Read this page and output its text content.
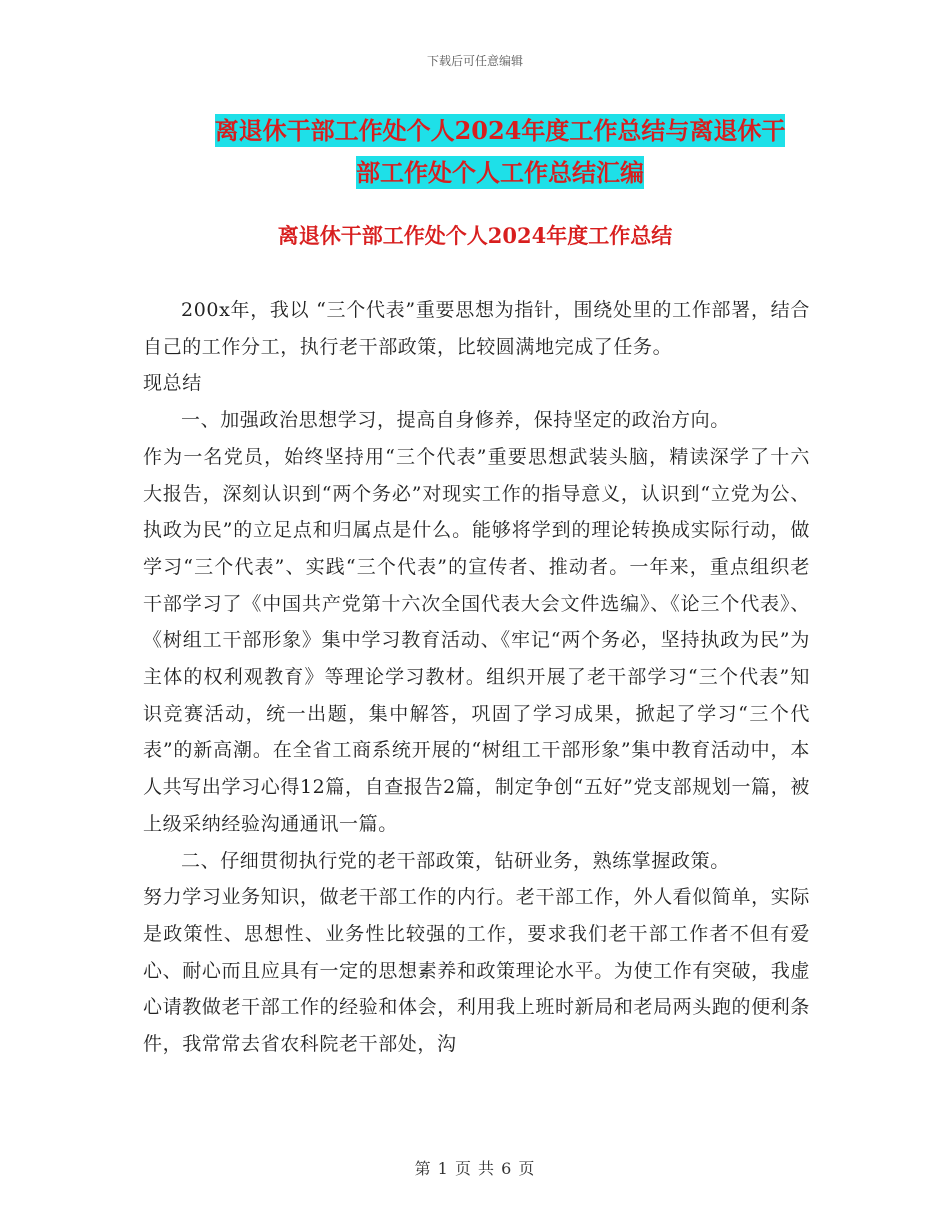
下载后可任意编辑
离退休干部工作处个人2024年度工作总结与离退休干
部工作处个人工作总结汇编
离退休干部工作处个人2024年度工作总结

200x年，我以 “三个代表”重要思想为指针，围绕处里的工作部署，结合自己的工作分工，执行老干部政策，比较圆满地完成了任务。

现总结

一、加强政治思想学习，提高自身修养，保持坚定的政治方向。

作为一名党员，始终坚持用“三个代表”重要思想武装头脑，精读深学了十六大报告，深刻认识到“两个务必”对现实工作的指导意义，认识到“立党为公、执政为民”的立足点和归属点是什么。能够将学到的理论转换成实际行动，做学习“三个代表”、实践“三个代表”的宣传者、推动者。一年来，重点组织老干部学习了《中国共产党第十六次全国代表大会文件选编》、《论三个代表》、《树组工干部形象》集中学习教育活动、《牢记“两个务必，坚持执政为民”为主体的权利观教育》等理论学习教材。组织开展了老干部学习“三个代表”知识竞赛活动，统一出题，集中解答，巩固了学习成果，掀起了学习“三个代表”的新高潮。在全省工商系统开展的“树组工干部形象”集中教育活动中，本人共写出学习心得12篇，自查报告2篇，制定争创“五好”党支部规划一篇，被上级采纳经验沟通通讯一篇。

二、仔细贯彻执行党的老干部政策，钻研业务，熟练掌握政策。

努力学习业务知识，做老干部工作的内行。老干部工作，外人看似简单，实际是政策性、思想性、业务性比较强的工作，要求我们老干部工作者不但有爱心、耐心而且应具有一定的思想素养和政策理论水平。为使工作有突破，我虚心请教做老干部工作的经验和体会，利用我上班时新局和老局两头跑的便利条件，我常常去省农科院老干部处，沟

第 1 页 共 6 页
